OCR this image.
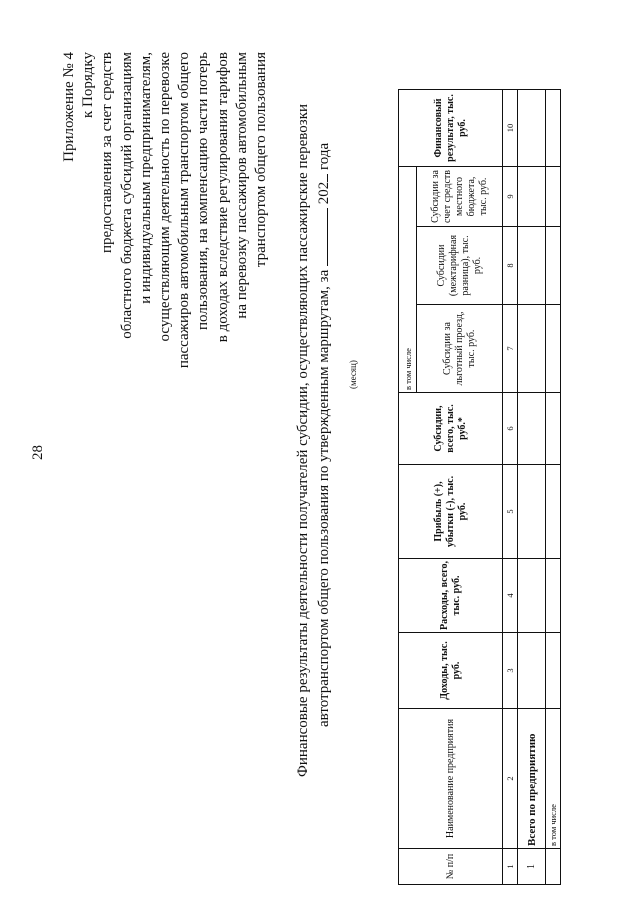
28
Приложение № 4 к Порядку предоставления за счет средств областного бюджета субсидий организациям и индивидуальным предпринимателям, осуществляющим деятельность по перевозке пассажиров автомобильным транспортом общего пользования, на компенсацию части потерь в доходах вследствие регулирования тарифов на перевозку пассажиров автомобильным транспортом общего пользования Финансовые результаты деятельности получателей субсидии, осуществляющих пассажирские перевозки автотранспортом общего пользования по утвержденным маршрутам, за  202 года
(месяц)
№ п/п	Наименование предприятия	Доходы, тыс. руб.	Расходы, всего, тыс. руб.	Прибыль (+), убытки (-), тыс. руб.	Субсидии, всего, тыс. руб.*	в том числе			Финансовый результат, тыс. руб.
						Субсидии за льготный проезд, тыс. руб.	Субсидии (межтарифная разница), тыс. руб.	Субсидии за счет средств местного бюджета, тыс. руб.	
1	2	3	4	5	6	7	8	9	10
1	Всего по предприятию								
	в том числе								
